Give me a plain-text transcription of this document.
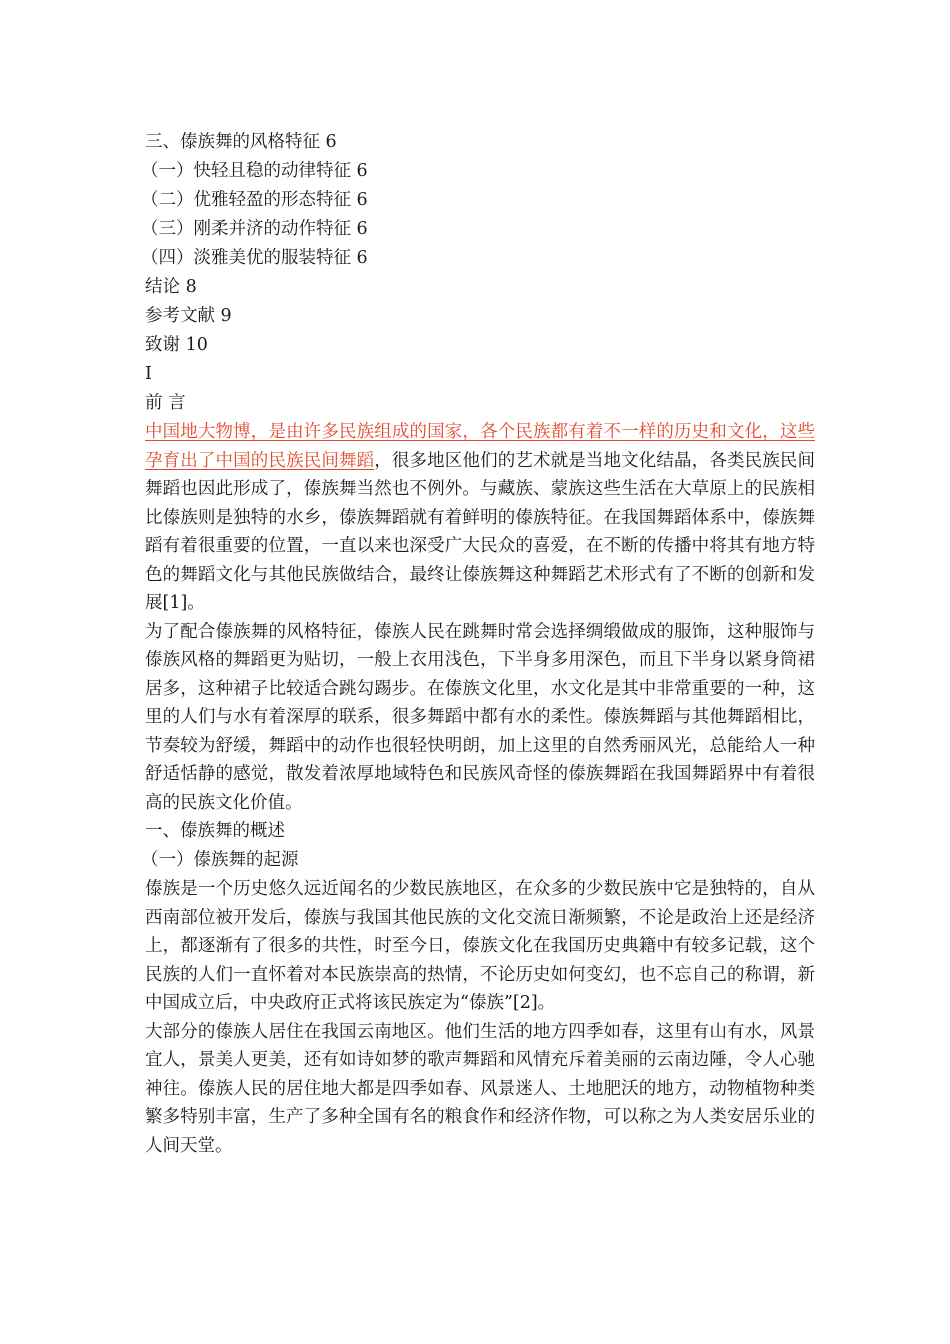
三、傣族舞的风格特征 6
（一）快轻且稳的动律特征 6
（二）优雅轻盈的形态特征 6
（三）刚柔并济的动作特征 6
（四）淡雅美优的服装特征 6
结论 8
参考文献 9
致谢 10
I
前 言
中国地大物博，是由许多民族组成的国家，各个民族都有着不一样的历史和文化，这些孕育出了中国的民族民间舞蹈，很多地区他们的艺术就是当地文化结晶，各类民族民间舞蹈也因此形成了，傣族舞当然也不例外。与藏族、蒙族这些生活在大草原上的民族相比傣族则是独特的水乡，傣族舞蹈就有着鲜明的傣族特征。在我国舞蹈体系中，傣族舞蹈有着很重要的位置，一直以来也深受广大民众的喜爱，在不断的传播中将其有地方特色的舞蹈文化与其他民族做结合，最终让傣族舞这种舞蹈艺术形式有了不断的创新和发展[1]。
为了配合傣族舞的风格特征，傣族人民在跳舞时常会选择绸缎做成的服饰，这种服饰与傣族风格的舞蹈更为贴切，一般上衣用浅色，下半身多用深色，而且下半身以紧身筒裙居多，这种裙子比较适合跳勾踢步。在傣族文化里，水文化是其中非常重要的一种，这里的人们与水有着深厚的联系，很多舞蹈中都有水的柔性。傣族舞蹈与其他舞蹈相比，节奏较为舒缓，舞蹈中的动作也很轻快明朗，加上这里的自然秀丽风光，总能给人一种舒适恬静的感觉，散发着浓厚地域特色和民族风奇怪的傣族舞蹈在我国舞蹈界中有着很高的民族文化价值。
一、傣族舞的概述
（一）傣族舞的起源
傣族是一个历史悠久远近闻名的少数民族地区，在众多的少数民族中它是独特的，自从西南部位被开发后，傣族与我国其他民族的文化交流日渐频繁，不论是政治上还是经济上，都逐渐有了很多的共性，时至今日，傣族文化在我国历史典籍中有较多记载，这个民族的人们一直怀着对本民族崇高的热情，不论历史如何变幻，也不忘自己的称谓，新中国成立后，中央政府正式将该民族定为“傣族”[2]。
大部分的傣族人居住在我国云南地区。他们生活的地方四季如春，这里有山有水，风景宜人，景美人更美，还有如诗如梦的歌声舞蹈和风情充斥着美丽的云南边陲，令人心驰神往。傣族人民的居住地大都是四季如春、风景迷人、土地肥沃的地方，动物植物种类繁多特别丰富，生产了多种全国有名的粮食作和经济作物，可以称之为人类安居乐业的人间天堂。
